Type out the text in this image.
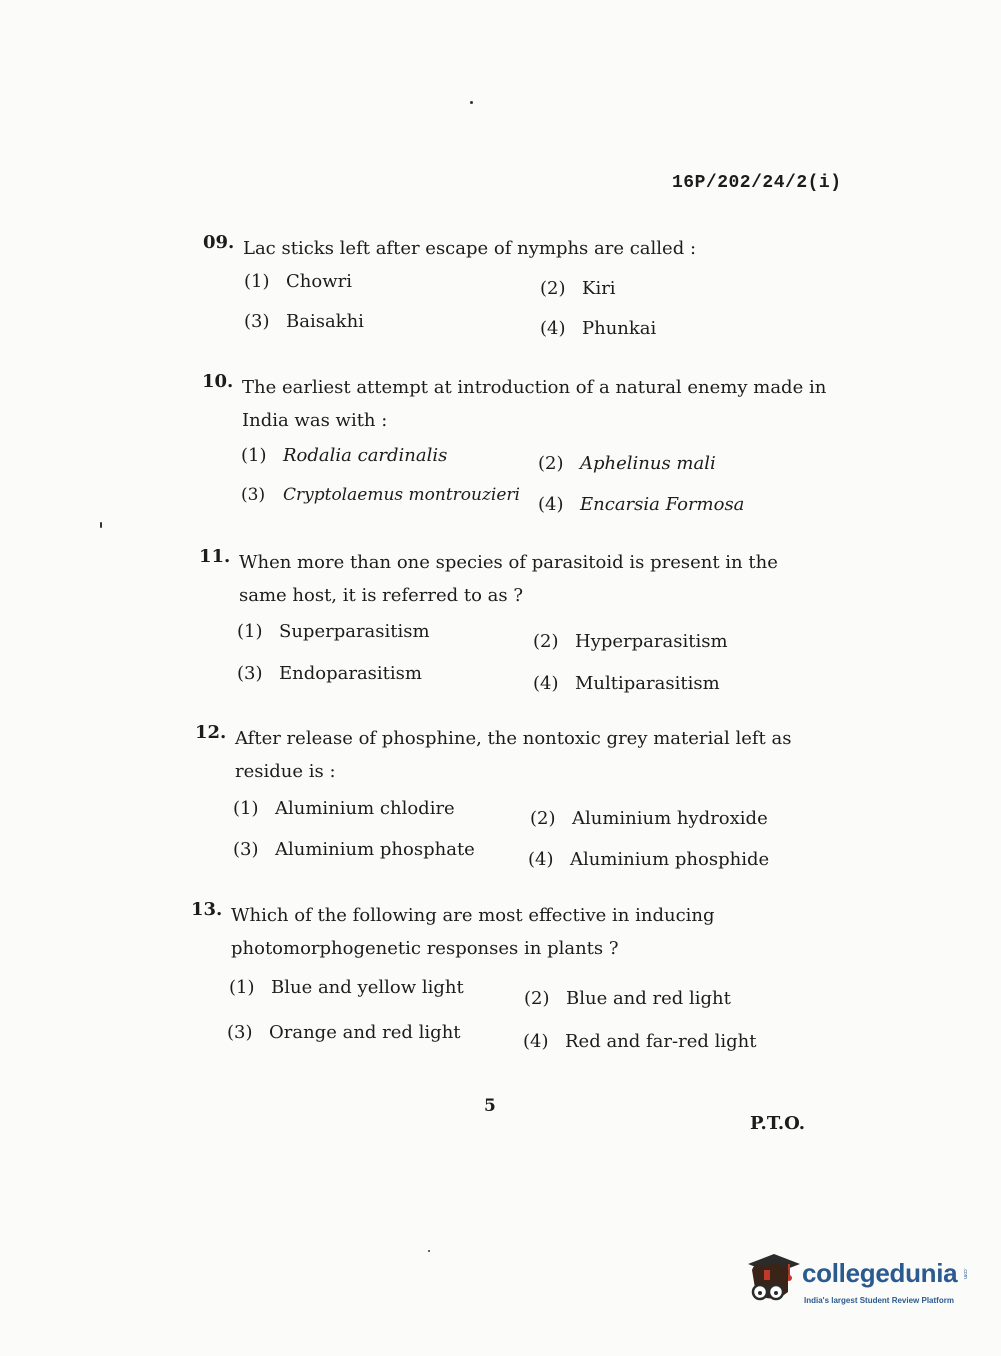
16P/202/24/2(i)
09. Lac sticks left after escape of nymphs are called :
(1) Chowri	(2) Kiri
(3) Baisakhi	(4) Phunkai
10. The earliest attempt at introduction of a natural enemy made in India was with :
(1) Rodalia cardinalis	(2) Aphelinus mali
(3) Cryptolaemus montrouzieri (4) Encarsia Formosa
11. When more than one species of parasitoid is present in the same host, it is referred to as ?
(1) Superparasitism	(2) Hyperparasitism
(3) Endoparasitism	(4) Multiparasitism
12. After release of phosphine, the nontoxic grey material left as residue is :
(1) Aluminium chlodire	(2) Aluminium hydroxide
(3) Aluminium phosphate	(4) Aluminium phosphide
13. Which of the following are most effective in inducing photomorphogenetic responses in plants ?
(1) Blue and yellow light
(2) Blue and red light
(3) Orange and red light	(4) Red and far-red light
5
P.T.O.
collegedunia .com
India's largest Student Review Platform
